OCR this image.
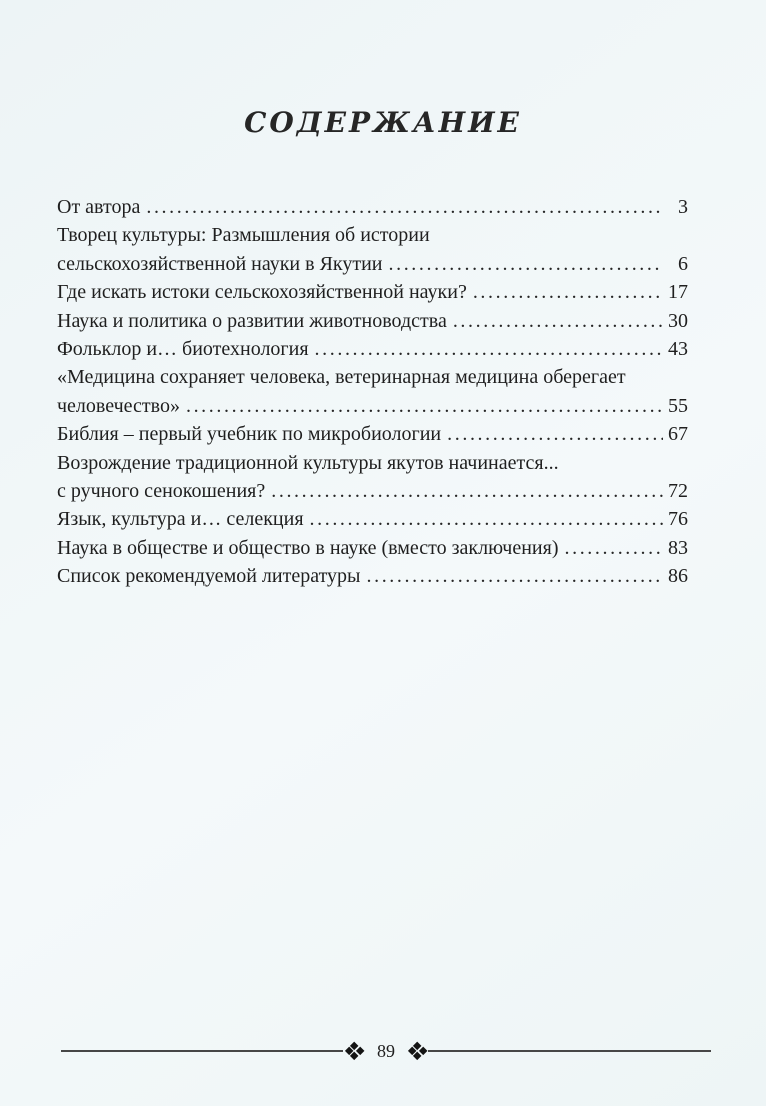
СОДЕРЖАНИЕ
От автора .....	3
Творец культуры: Размышления об истории
сельскохозяйственной науки в Якутии .....	6
Где искать истоки сельскохозяйственной науки? .....	17
Наука и политика о развитии животноводства .....	30
Фольклор и… биотехнология .....	43
«Медицина сохраняет человека, ветеринарная медицина оберегает
человечество» .....	55
Библия – первый учебник по микробиологии .....	67
Возрождение традиционной культуры якутов начинается...
с ручного сенокошения? .....	72
Язык, культура и… селекция .....	76
Наука в обществе и общество в науке (вместо заключения) .....	83
Список рекомендуемой литературы .....	86
89
